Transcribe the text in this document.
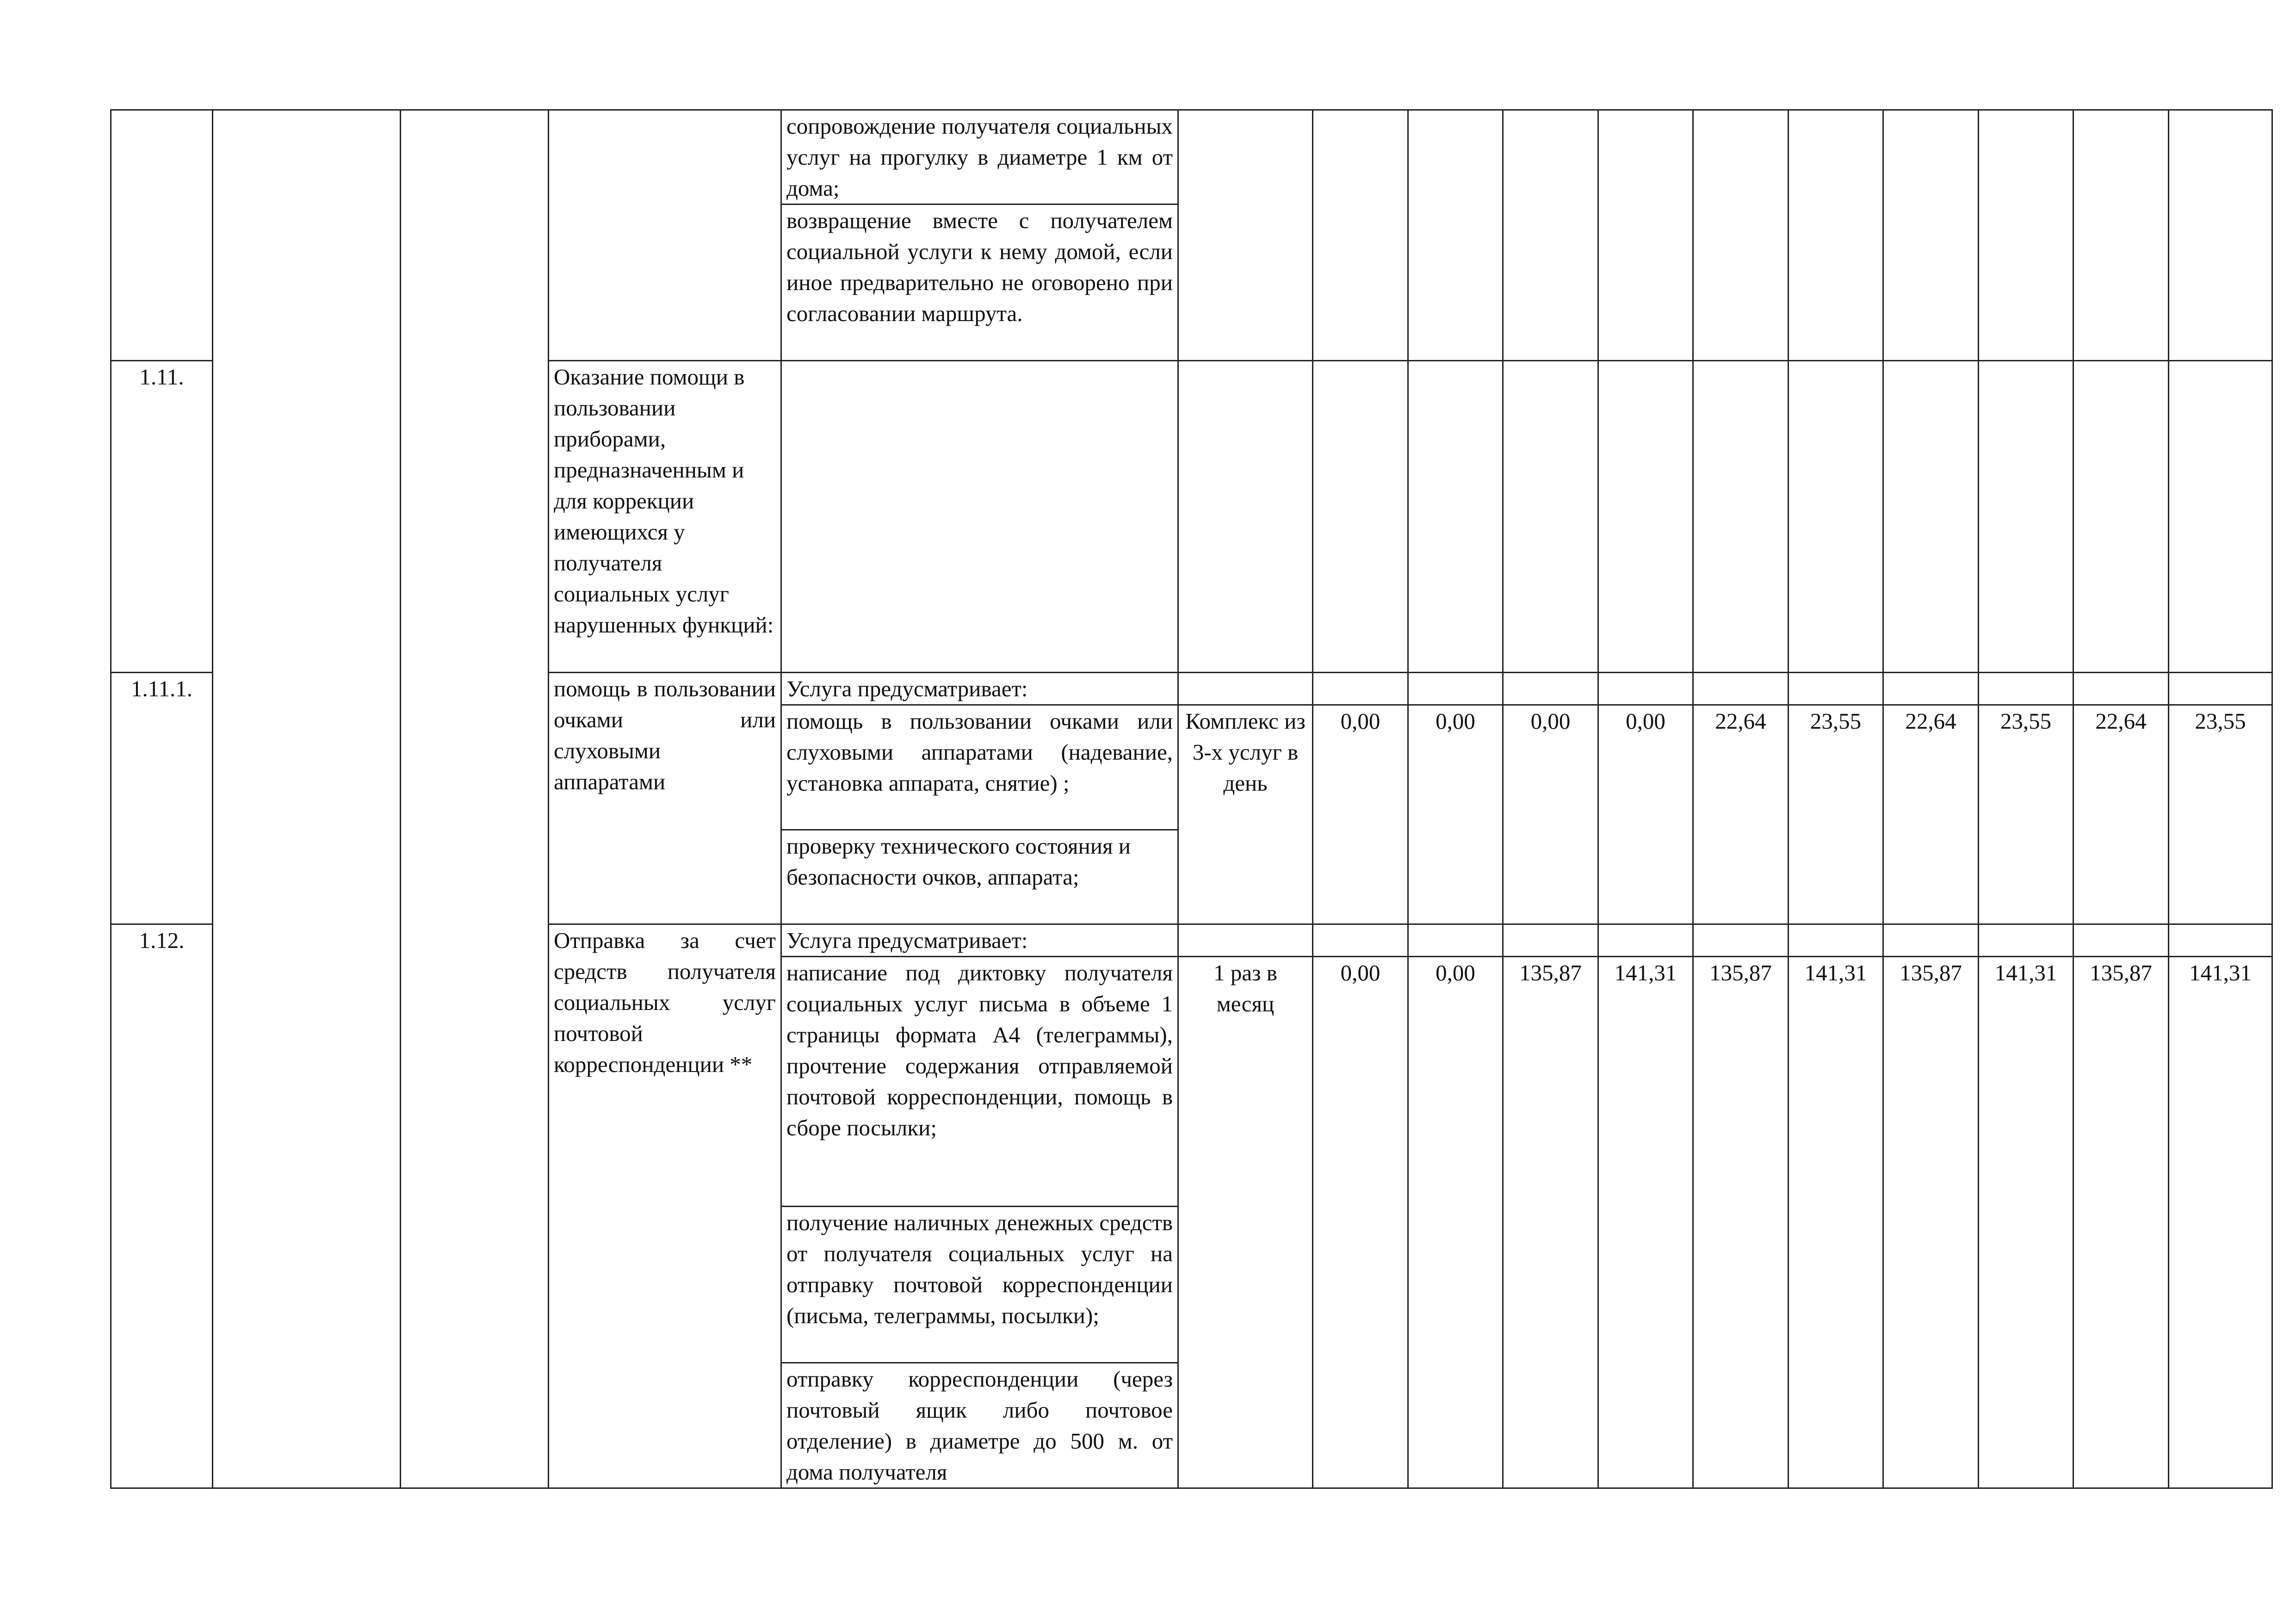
				сопровождение получателя социальных услуг на прогулку в диаметре 1 км от дома;											
				возвращение вместе с получателем социальной услуги к нему домой, если иное предварительно не оговорено при согласовании маршрута.											
1.11.			Оказание помощи в пользовании приборами, предназначенным и для коррекции имеющихся у получателя социальных услуг нарушенных функций:												
1.11.1.			помощь в пользовании очками или слуховыми аппаратами	Услуга предусматривает:											
				помощь в пользовании очками или слуховыми аппаратами (надевание, установка аппарата, снятие) ;	Комплекс из 3-х услуг в день	0,00	0,00	0,00	0,00	22,64	23,55	22,64	23,55	22,64	23,55
				проверку технического состояния и безопасности очков, аппарата;											
1.12.			Отправка за счет средств получателя социальных услуг почтовой корреспонденции **	Услуга предусматривает:											
				написание под диктовку получателя социальных услуг письма в объеме 1 страницы формата А4 (телеграммы), прочтение содержания отправляемой почтовой корреспонденции, помощь в сборе посылки;	1 раз в месяц	0,00	0,00	135,87	141,31	135,87	141,31	135,87	141,31	135,87	141,31
				получение наличных денежных средств от получателя социальных услуг на отправку почтовой корреспонденции (письма, телеграммы, посылки);											
				отправку корреспонденции (через почтовый ящик либо почтовое отделение) в диаметре до 500 м. от дома получателя											
